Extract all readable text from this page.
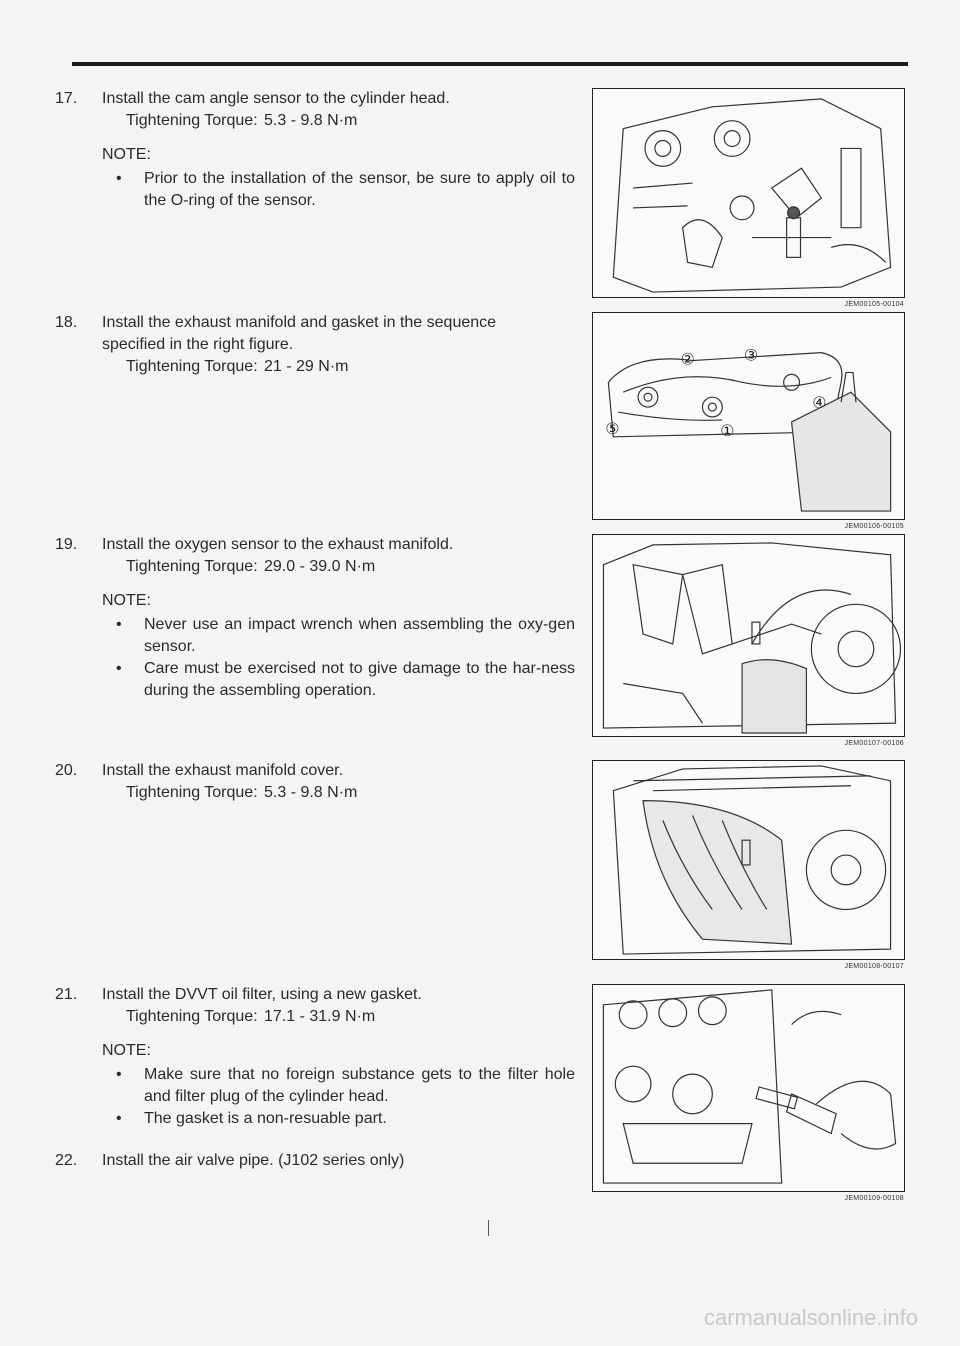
17.	Install the cam angle sensor to the cylinder head.
Tightening Torque: 5.3 - 9.8 N·m
NOTE:
• Prior to the installation of the sensor, be sure to apply oil to the O-ring of the sensor.
18.	Install the exhaust manifold and gasket in the sequence
specified in the right figure.
Tightening Torque: 21 - 29 N·m
19.	Install the oxygen sensor to the exhaust manifold.
Tightening Torque: 29.0 - 39.0 N·m
NOTE:
• Never use an impact wrench when assembling the oxy-gen sensor.
• Care must be exercised not to give damage to the har-ness during the assembling operation.
20.	Install the exhaust manifold cover.
Tightening Torque: 5.3 - 9.8 N·m
21.	Install the DVVT oil filter, using a new gasket.
Tightening Torque: 17.1 - 31.9 N·m
NOTE:
• Make sure that no foreign substance gets to the filter hole and filter plug of the cylinder head.
• The gasket is a non-resuable part.
22.	Install the air valve pipe. (J102 series only)
JEM00105-00104
②	③
④
⑤	①
JEM00106-00105
JEM00107-00106
JEM00108-00107
JEM00109-00108
carmanualsonline.info
